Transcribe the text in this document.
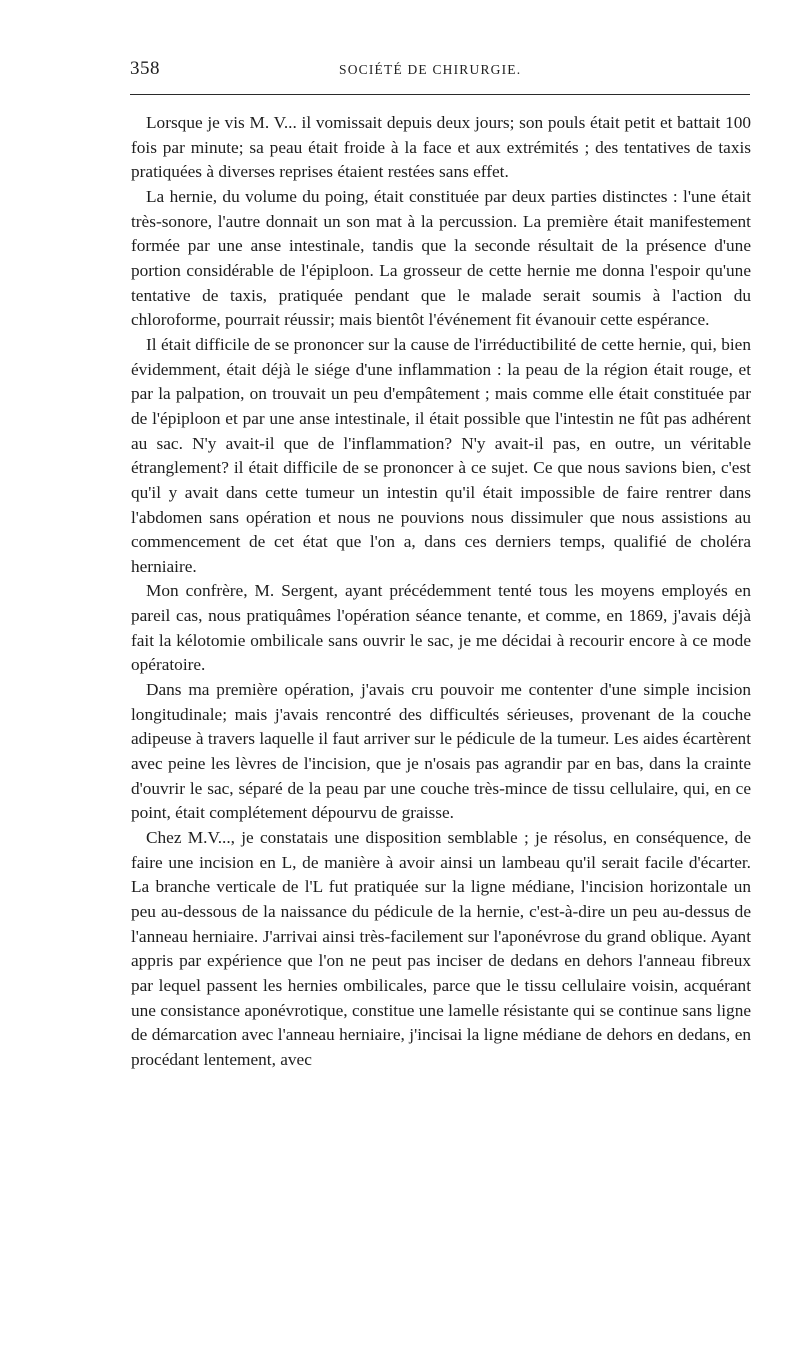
358	SOCIÉTÉ DE CHIRURGIE.

Lorsque je vis M. V... il vomissait depuis deux jours; son pouls était petit et battait 100 fois par minute; sa peau était froide à la face et aux extrémités ; des tentatives de taxis pratiquées à diverses reprises étaient restées sans effet.

La hernie, du volume du poing, était constituée par deux parties distinctes : l'une était très-sonore, l'autre donnait un son mat à la percussion. La première était manifestement formée par une anse intestinale, tandis que la seconde résultait de la présence d'une portion considérable de l'épiploon. La grosseur de cette hernie me donna l'espoir qu'une tentative de taxis, pratiquée pendant que le malade serait soumis à l'action du chloroforme, pourrait réussir; mais bientôt l'événement fit évanouir cette espérance.

Il était difficile de se prononcer sur la cause de l'irréductibilité de cette hernie, qui, bien évidemment, était déjà le siége d'une inflammation : la peau de la région était rouge, et par la palpation, on trouvait un peu d'empâtement ; mais comme elle était constituée par de l'épiploon et par une anse intestinale, il était possible que l'intestin ne fût pas adhérent au sac. N'y avait-il que de l'inflammation? N'y avait-il pas, en outre, un véritable étranglement? il était difficile de se prononcer à ce sujet. Ce que nous savions bien, c'est qu'il y avait dans cette tumeur un intestin qu'il était impossible de faire rentrer dans l'abdomen sans opération et nous ne pouvions nous dissimuler que nous assistions au commencement de cet état que l'on a, dans ces derniers temps, qualifié de choléra herniaire.

Mon confrère, M. Sergent, ayant précédemment tenté tous les moyens employés en pareil cas, nous pratiquâmes l'opération séance tenante, et comme, en 1869, j'avais déjà fait la kélotomie ombilicale sans ouvrir le sac, je me décidai à recourir encore à ce mode opératoire.

Dans ma première opération, j'avais cru pouvoir me contenter d'une simple incision longitudinale; mais j'avais rencontré des difficultés sérieuses, provenant de la couche adipeuse à travers laquelle il faut arriver sur le pédicule de la tumeur. Les aides écartèrent avec peine les lèvres de l'incision, que je n'osais pas agrandir par en bas, dans la crainte d'ouvrir le sac, séparé de la peau par une couche très-mince de tissu cellulaire, qui, en ce point, était complétement dépourvu de graisse.

Chez M.V..., je constatais une disposition semblable ; je résolus, en conséquence, de faire une incision en L, de manière à avoir ainsi un lambeau qu'il serait facile d'écarter. La branche verticale de l'L fut pratiquée sur la ligne médiane, l'incision horizontale un peu au-dessous de la naissance du pédicule de la hernie, c'est-à-dire un peu au-dessus de l'anneau herniaire. J'arrivai ainsi très-facilement sur l'aponévrose du grand oblique. Ayant appris par expérience que l'on ne peut pas inciser de dedans en dehors l'anneau fibreux par lequel passent les hernies ombilicales, parce que le tissu cellulaire voisin, acquérant une consistance aponévrotique, constitue une lamelle résistante qui se continue sans ligne de démarcation avec l'anneau herniaire, j'incisai la ligne médiane de dehors en dedans, en procédant lentement, avec
